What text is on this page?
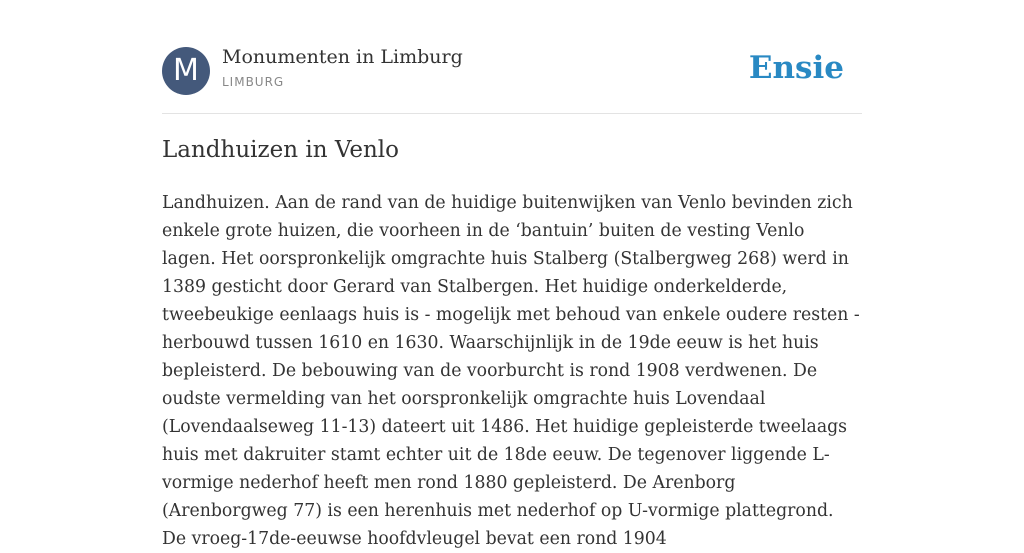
M	Monumenten in Limburg
LIMBURG	Ensie
Landhuizen in Venlo

Landhuizen. Aan de rand van de huidige buitenwijken van Venlo bevinden zich enkele grote huizen, die voorheen in de ‘bantuin’ buiten de vesting Venlo lagen. Het oorspronkelijk omgrachte huis Stalberg (Stalbergweg 268) werd in 1389 gesticht door Gerard van Stalbergen. Het huidige onderkelderde, tweebeukige eenlaags huis is - mogelijk met behoud van enkele oudere resten - herbouwd tussen 1610 en 1630. Waarschijnlijk in de 19de eeuw is het huis bepleisterd. De bebouwing van de voorburcht is rond 1908 verdwenen. De oudste vermelding van het oorspronkelijk omgrachte huis Lovendaal (Lovendaalseweg 11-13) dateert uit 1486. Het huidige gepleisterde tweelaags huis met dakruiter stamt echter uit de 18de eeuw. De tegenover liggende L-vormige nederhof heeft men rond 1880 gepleisterd. De Arenborg (Arenborgweg 77) is een herenhuis met nederhof op U-vormige plattegrond. De vroeg-17de-eeuwse hoofdvleugel bevat een rond 1904
